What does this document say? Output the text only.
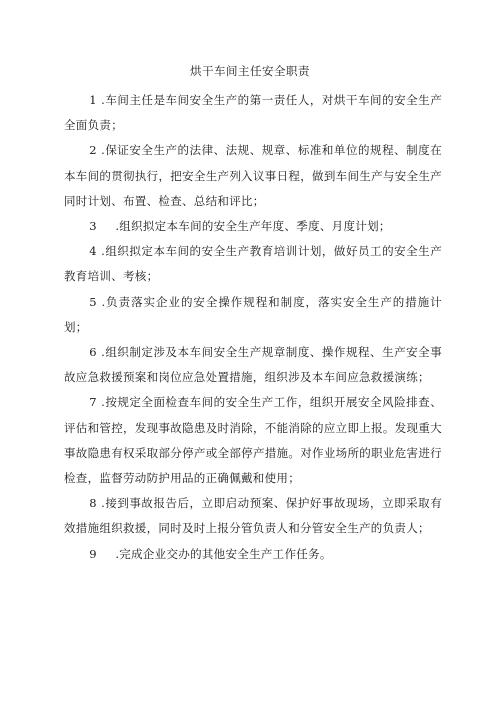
烘干车间主任安全职责

1 .车间主任是车间安全生产的第一责任人，对烘干车间的安全生产全面负责；

2 .保证安全生产的法律、法规、规章、标准和单位的规程、制度在本车间的贯彻执行，把安全生产列入议事日程，做到车间生产与安全生产同时计划、布置、检查、总结和评比；

3 .组织拟定本车间的安全生产年度、季度、月度计划；

4 .组织拟定本车间的安全生产教育培训计划，做好员工的安全生产教育培训、考核；

5 .负责落实企业的安全操作规程和制度，落实安全生产的措施计划；

6 .组织制定涉及本车间安全生产规章制度、操作规程、生产安全事故应急救援预案和岗位应急处置措施，组织涉及本车间应急救援演练；

7 .按规定全面检查车间的安全生产工作，组织开展安全风险排查、评估和管控，发现事故隐患及时消除，不能消除的应立即上报。发现重大事故隐患有权采取部分停产或全部停产措施。对作业场所的职业危害进行检查，监督劳动防护用品的正确佩戴和使用；

8 .接到事故报告后，立即启动预案、保护好事故现场，立即采取有效措施组织救援，同时及时上报分管负责人和分管安全生产的负责人；

9 .完成企业交办的其他安全生产工作任务。
